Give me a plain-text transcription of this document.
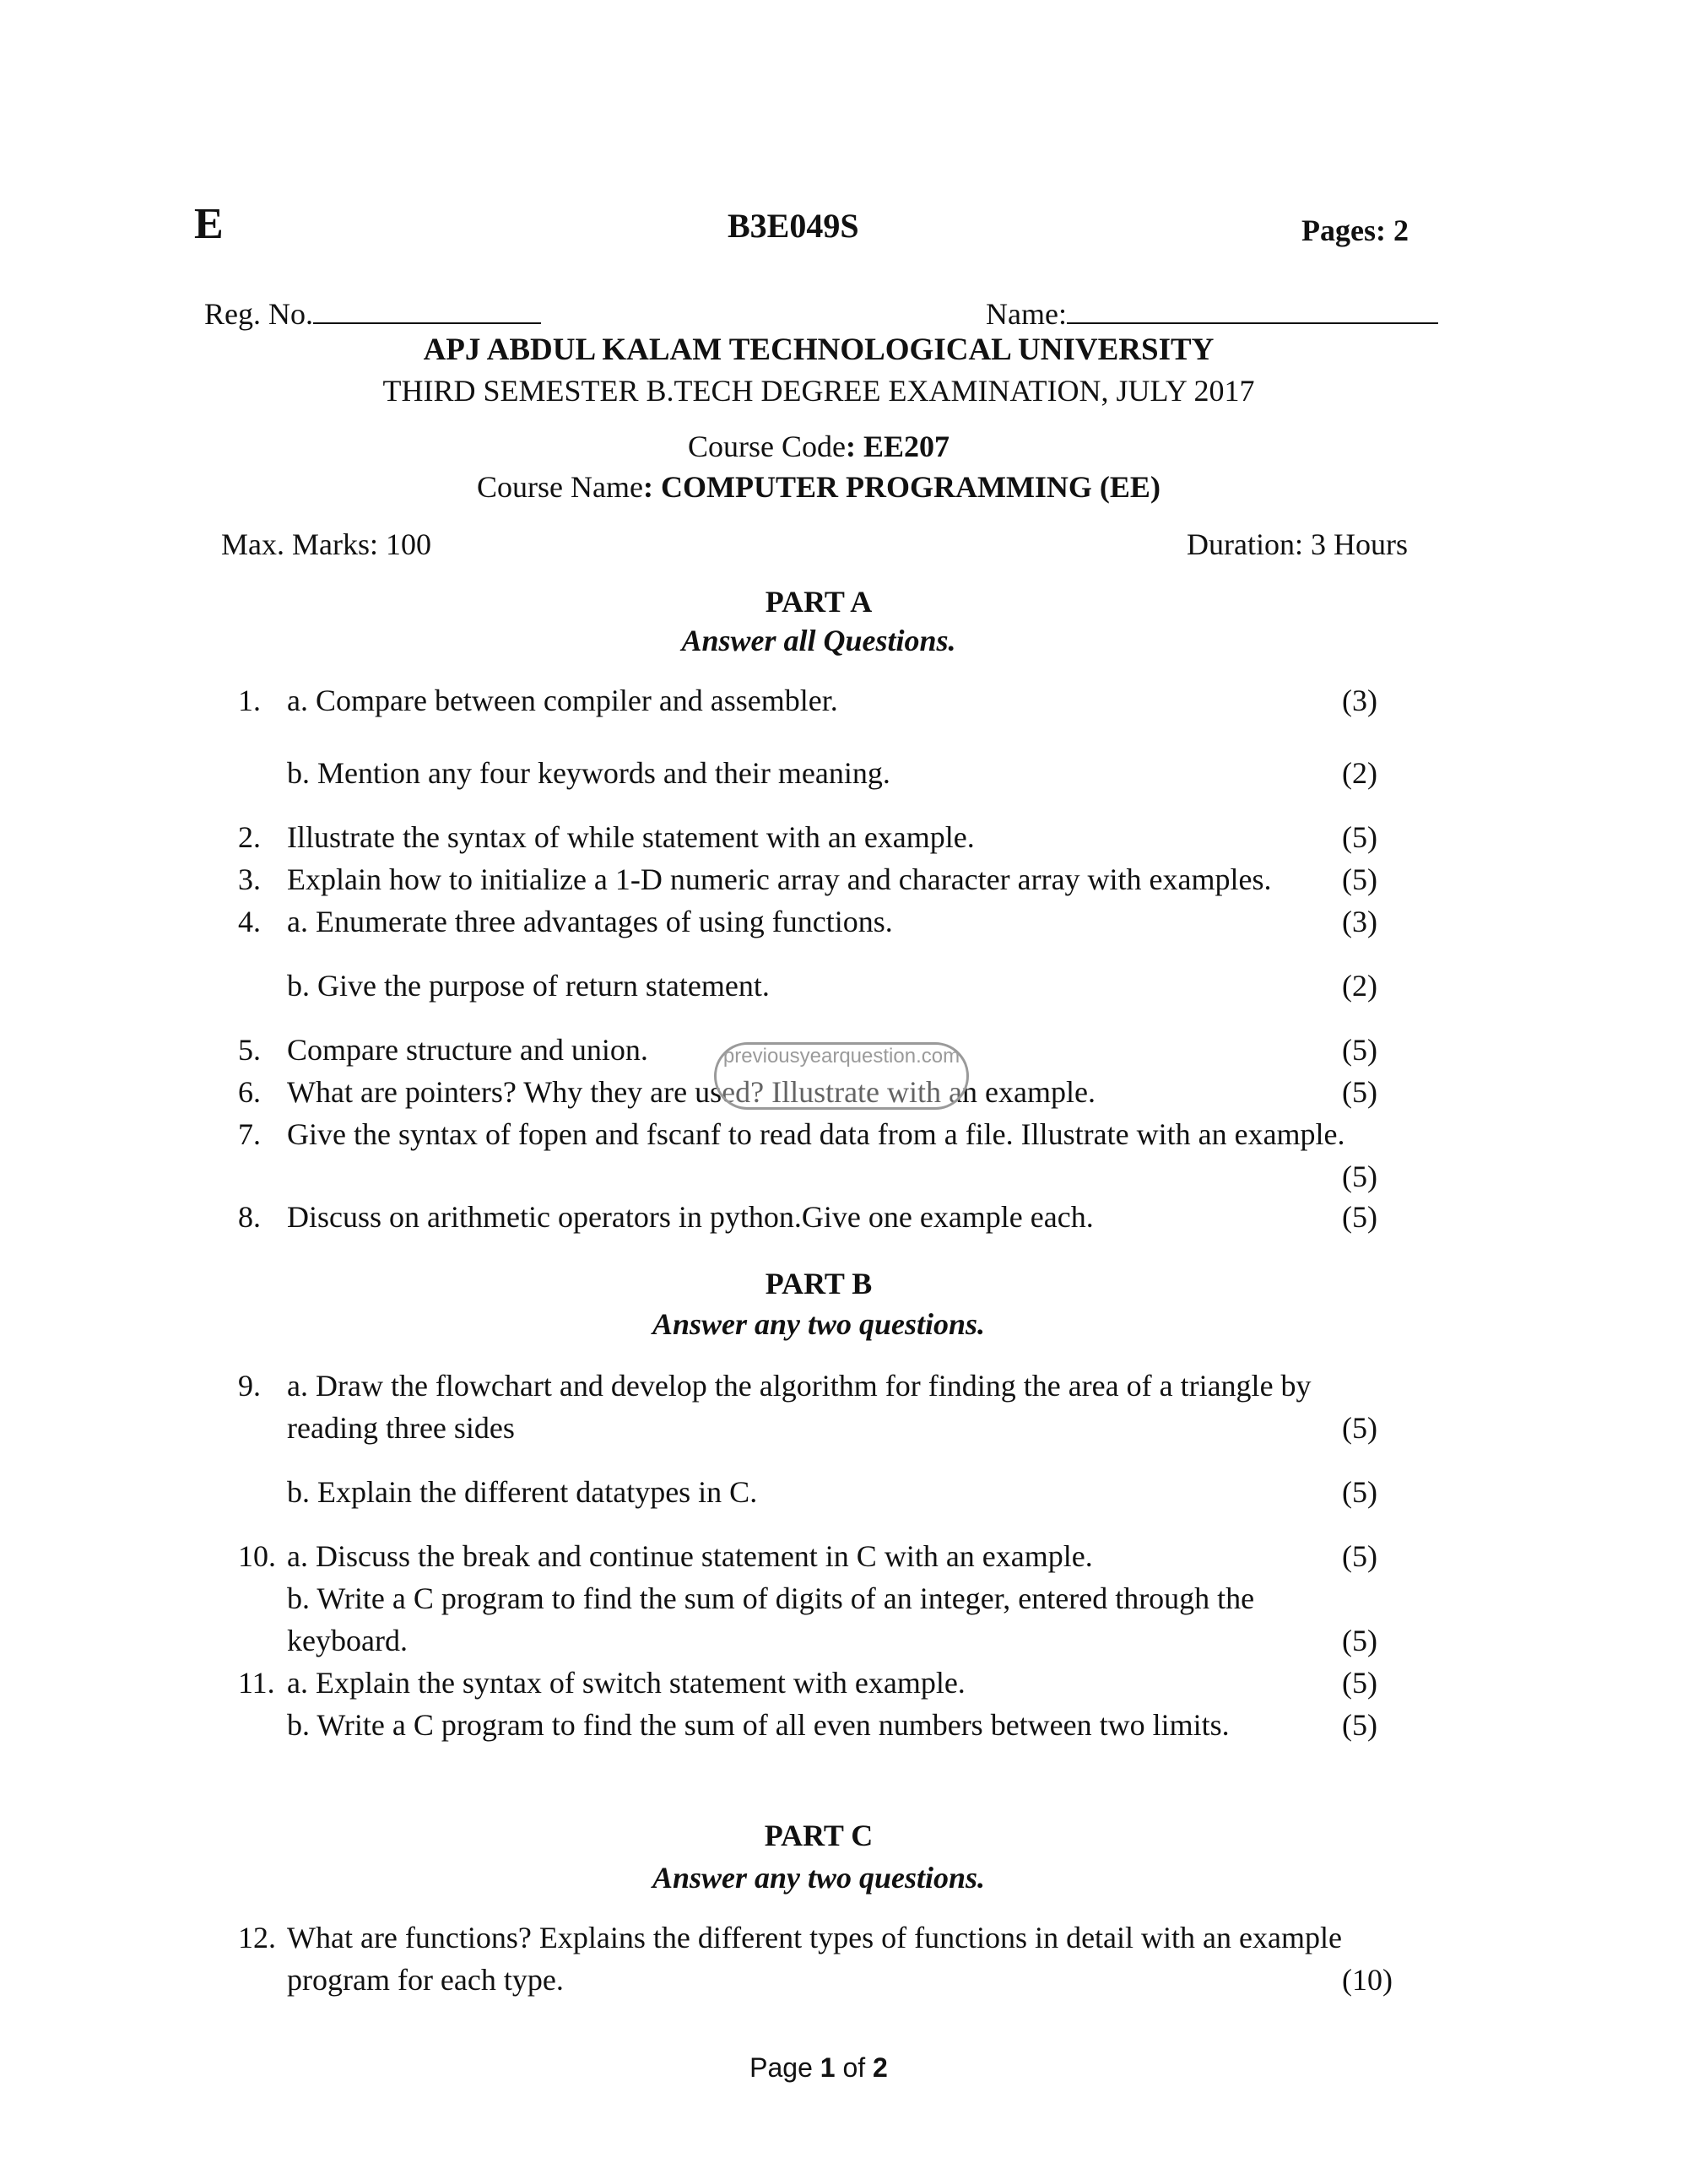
E	B3E049S	Pages: 2
Reg. No.	Name:
APJ ABDUL KALAM TECHNOLOGICAL UNIVERSITY
THIRD SEMESTER B.TECH DEGREE EXAMINATION, JULY 2017
Course Code: EE207
Course Name: COMPUTER PROGRAMMING (EE)
Max. Marks: 100	Duration: 3 Hours
PART A
Answer all Questions.
1. a. Compare between compiler and assembler.	(3)
b. Mention any four keywords and their meaning.	(2)
2. Illustrate the syntax of while statement with an example.	(5)
3. Explain how to initialize a 1-D numeric array and character array with examples. (5)
4. a. Enumerate three advantages of using functions.	(3)
b. Give the purpose of return statement.	(2)
5. Compare structure and union.	(5)
6. What are pointers? Why they are used? Illustrate with an example.	(5)
7. Give the syntax of fopen and fscanf to read data from a file. Illustrate with an example.
(5)
8. Discuss on arithmetic operators in python.Give one example each.	(5)
previousyearquestion.com
PART B
Answer any two questions.
9. a. Draw the flowchart and develop the algorithm for finding the area of a triangle by
reading three sides	(5)
b. Explain the different datatypes in C.	(5)
10. a. Discuss the break and continue statement in C with an example.	(5)
b. Write a C program to find the sum of digits of an integer, entered through the
keyboard.	(5)
11. a. Explain the syntax of switch statement with example.	(5)
b. Write a C program to find the sum of all even numbers between two limits.	(5)
PART C
Answer any two questions.
12. What are functions? Explains the different types of functions in detail with an example
program for each type.	(10)
Page 1 of 2
